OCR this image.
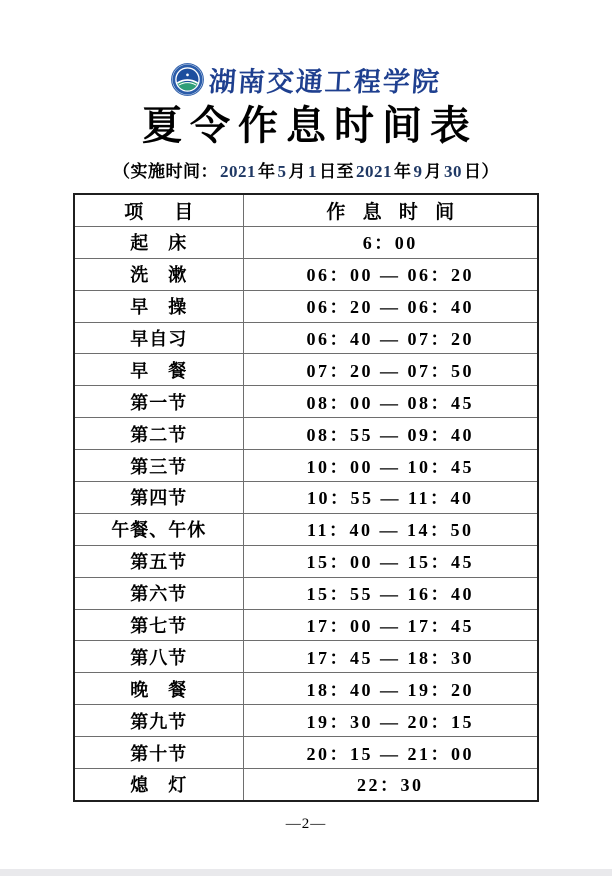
湖南交通工程学院
夏令作息时间表
（实施时间： 2021 年 5 月 1 日至 2021 年 9 月 30 日）
项　目	作 息 时 间
起　床	6：00
洗　漱	06：00 — 06：20
早　操	06：20 — 06：40
早自习	06：40 — 07：20
早　餐	07：20 — 07：50
第一节	08：00 — 08：45
第二节	08：55 — 09：40
第三节	10：00 — 10：45
第四节	10：55 — 11：40
午餐、午休	11：40 — 14：50
第五节	15：00 — 15：45
第六节	15：55 — 16：40
第七节	17：00 — 17：45
第八节	17：45 — 18：30
晚　餐	18：40 — 19：20
第九节	19：30 — 20：15
第十节	20：15 — 21：00
熄　灯	22：30
—2—
